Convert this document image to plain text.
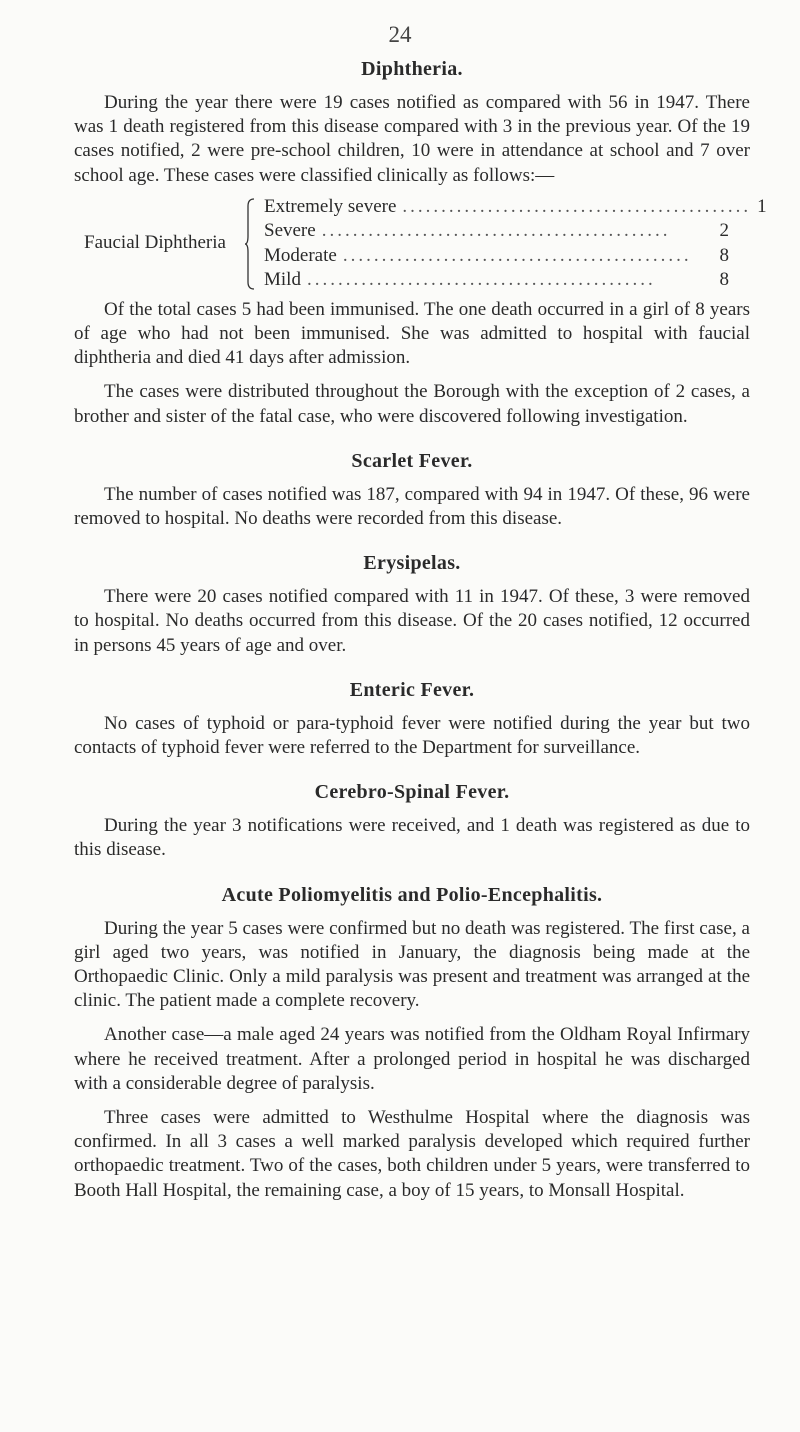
24
Diphtheria.

During the year there were 19 cases notified as compared with 56 in 1947. There was 1 death registered from this disease compared with 3 in the previous year. Of the 19 cases notified, 2 were pre-school children, 10 were in attendance at school and 7 over school age. These cases were classified clinically as follows:—

Faucial Diphtheria
Extremely severe ............................................. 1
Severe .............................................	2
Moderate .............................................	8
Mild .............................................	8

Of the total cases 5 had been immunised. The one death occurred in a girl of 8 years of age who had not been immunised. She was admitted to hospital with faucial diphtheria and died 41 days after admission.

The cases were distributed throughout the Borough with the exception of 2 cases, a brother and sister of the fatal case, who were discovered following investigation.

Scarlet Fever.

The number of cases notified was 187, compared with 94 in 1947. Of these, 96 were removed to hospital. No deaths were recorded from this disease.

Erysipelas.

There were 20 cases notified compared with 11 in 1947. Of these, 3 were removed to hospital. No deaths occurred from this disease. Of the 20 cases notified, 12 occurred in persons 45 years of age and over.

Enteric Fever.

No cases of typhoid or para-typhoid fever were notified during the year but two contacts of typhoid fever were referred to the Department for surveillance.

Cerebro-Spinal Fever.

During the year 3 notifications were received, and 1 death was registered as due to this disease.

Acute Poliomyelitis and Polio-Encephalitis.

During the year 5 cases were confirmed but no death was registered. The first case, a girl aged two years, was notified in January, the diagnosis being made at the Orthopaedic Clinic. Only a mild paralysis was present and treatment was arranged at the clinic. The patient made a complete recovery.

Another case—a male aged 24 years was notified from the Oldham Royal Infirmary where he received treatment. After a prolonged period in hospital he was discharged with a considerable degree of paralysis.

Three cases were admitted to Westhulme Hospital where the diagnosis was confirmed. In all 3 cases a well marked paralysis developed which required further orthopaedic treatment. Two of the cases, both children under 5 years, were transferred to Booth Hall Hospital, the remaining case, a boy of 15 years, to Monsall Hospital.
